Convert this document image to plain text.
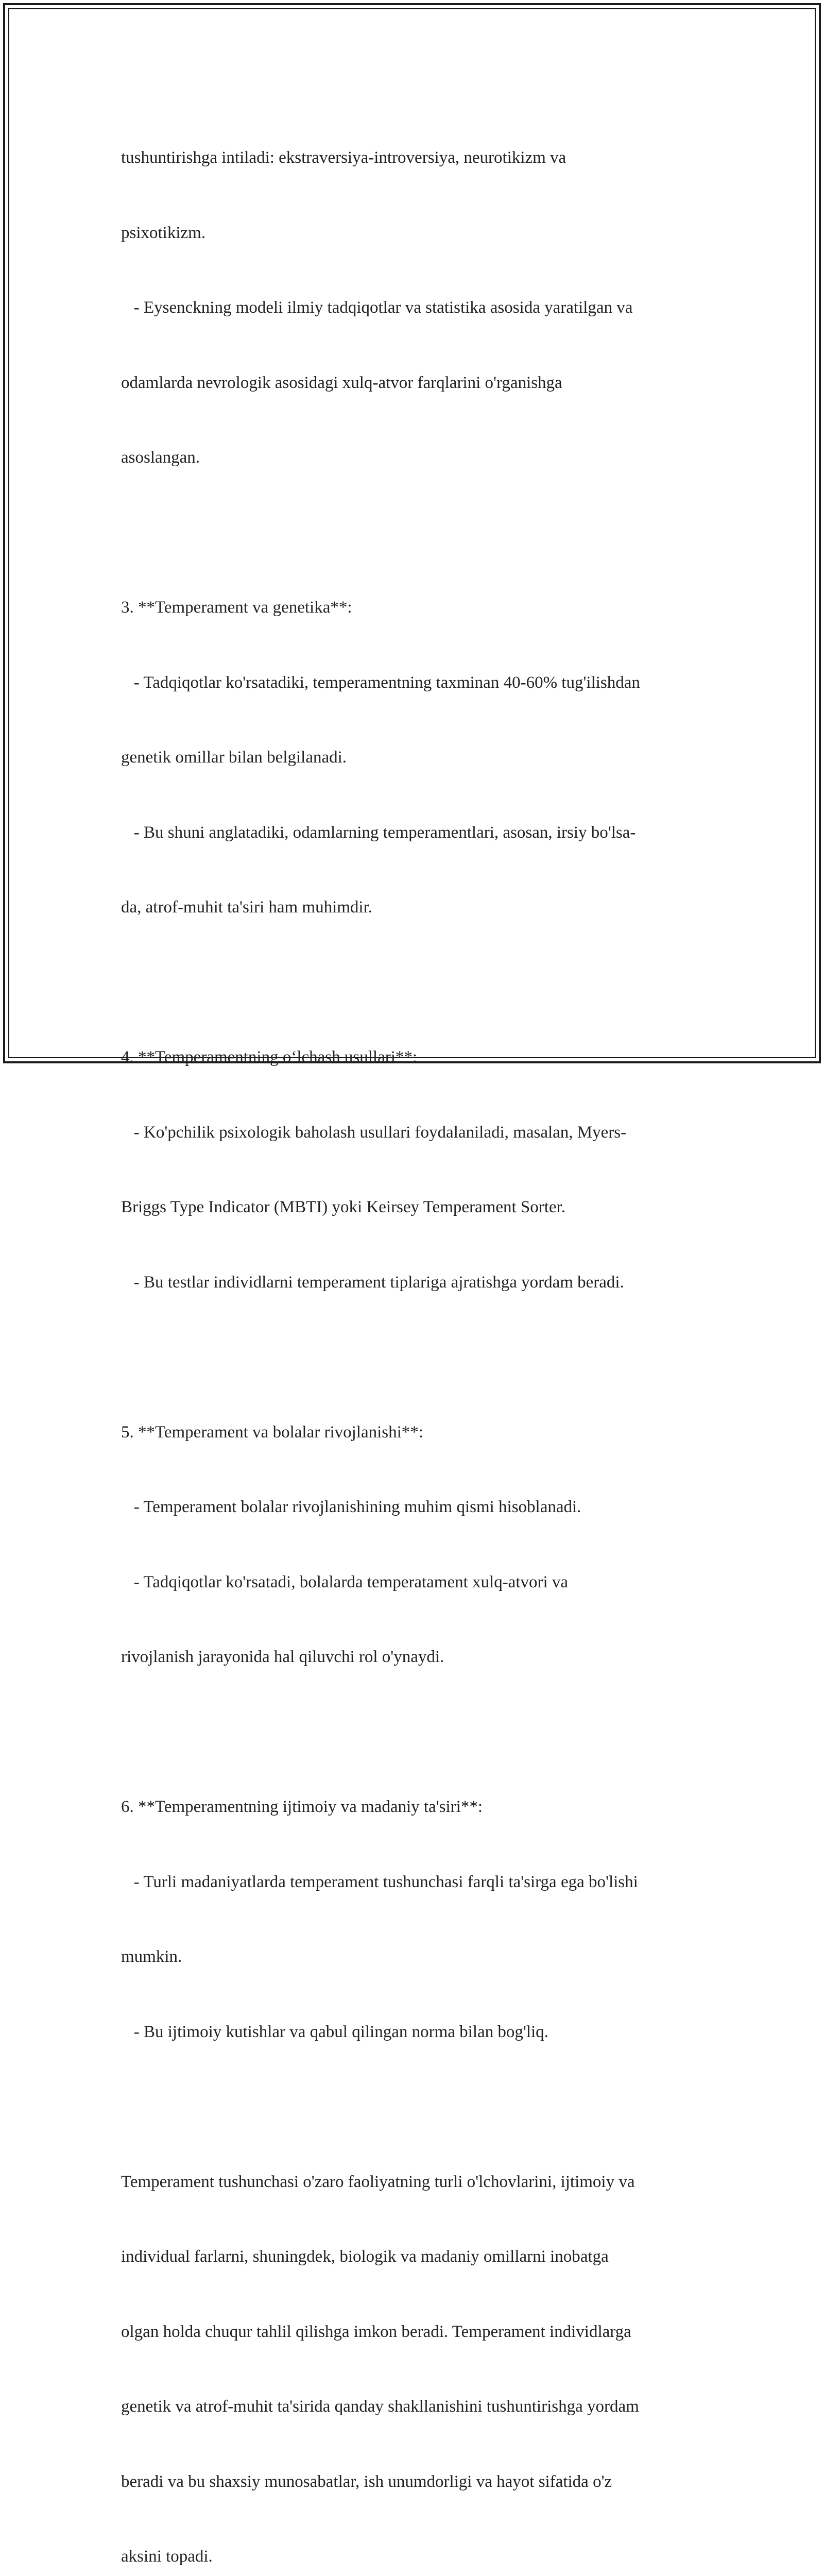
tushuntirishga intiladi: ekstraversiya-introversiya, neurotikizm va

psixotikizm.

- Eysenckning modeli ilmiy tadqiqotlar va statistika asosida yaratilgan va

odamlarda nevrologik asosidagi xulq-atvor farqlarini o'rganishga

asoslangan.

3. **Temperament va genetika**:

- Tadqiqotlar ko'rsatadiki, temperamentning taxminan 40-60% tug'ilishdan

genetik omillar bilan belgilanadi.

- Bu shuni anglatadiki, odamlarning temperamentlari, asosan, irsiy bo'lsa-

da, atrof-muhit ta'siri ham muhimdir.

4. **Temperamentning o‘lchash usullari**:

- Ko'pchilik psixologik baholash usullari foydalaniladi, masalan, Myers-

Briggs Type Indicator (MBTI) yoki Keirsey Temperament Sorter.

- Bu testlar individlarni temperament tiplariga ajratishga yordam beradi.

5. **Temperament va bolalar rivojlanishi**:

- Temperament bolalar rivojlanishining muhim qismi hisoblanadi.

- Tadqiqotlar ko'rsatadi, bolalarda temperatament xulq-atvori va

rivojlanish jarayonida hal qiluvchi rol o'ynaydi.

6. **Temperamentning ijtimoiy va madaniy ta'siri**:

- Turli madaniyatlarda temperament tushunchasi farqli ta'sirga ega bo'lishi

mumkin.

- Bu ijtimoiy kutishlar va qabul qilingan norma bilan bog'liq.

Temperament tushunchasi o'zaro faoliyatning turli o'lchovlarini, ijtimoiy va

individual farlarni, shuningdek, biologik va madaniy omillarni inobatga

olgan holda chuqur tahlil qilishga imkon beradi. Temperament individlarga

genetik va atrof-muhit ta'sirida qanday shakllanishini tushuntirishga yordam

beradi va bu shaxsiy munosabatlar, ish unumdorligi va hayot sifatida o'z

aksini topadi.
